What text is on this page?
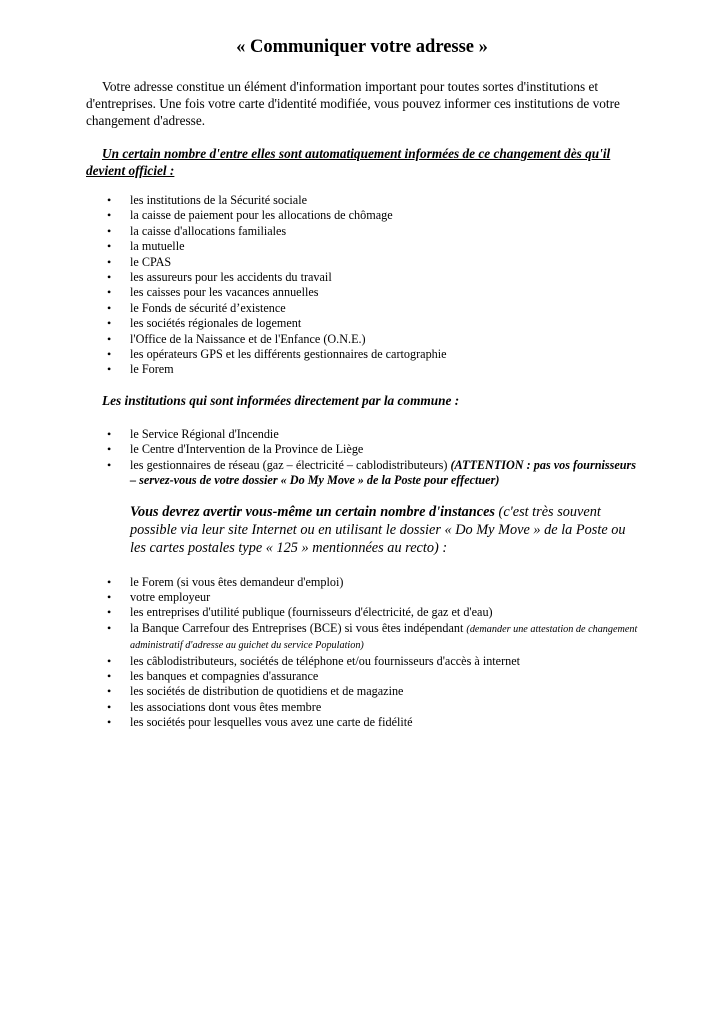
« Communiquer votre adresse »

Votre adresse constitue un élément d'information important pour toutes sortes d'institutions et d'entreprises. Une fois votre carte d'identité modifiée, vous pouvez informer ces institutions de votre changement d'adresse.

Un certain nombre d'entre elles sont automatiquement informées de ce changement dès qu'il devient officiel :

• les institutions de la Sécurité sociale
• la caisse de paiement pour les allocations de chômage
• la caisse d'allocations familiales
• la mutuelle
• le CPAS
• les assureurs pour les accidents du travail
• les caisses pour les vacances annuelles
• le Fonds de sécurité d’existence
• les sociétés régionales de logement
• l'Office de la Naissance et de l'Enfance (O.N.E.)
• les opérateurs GPS et les différents gestionnaires de cartographie
• le Forem

Les institutions qui sont informées directement par la commune :

• le Service Régional d'Incendie
• le Centre d'Intervention de la Province de Liège
• les gestionnaires de réseau (gaz – électricité – cablodistributeurs) (ATTENTION : pas vos fournisseurs – servez-vous de votre dossier « Do My Move » de la Poste pour effectuer)

Vous devrez avertir vous-même un certain nombre d'instances (c'est très souvent possible via leur site Internet ou en utilisant le dossier « Do My Move » de la Poste ou les cartes postales type « 125 » mentionnées au recto) :

• le Forem (si vous êtes demandeur d'emploi)
• votre employeur
• les entreprises d'utilité publique (fournisseurs d'électricité, de gaz et d'eau)
• la Banque Carrefour des Entreprises (BCE) si vous êtes indépendant (demander une attestation de changement administratif d'adresse au guichet du service Population)
• les câblodistributeurs, sociétés de téléphone et/ou fournisseurs d'accès à internet
• les banques et compagnies d'assurance
• les sociétés de distribution de quotidiens et de magazine
• les associations dont vous êtes membre
• les sociétés pour lesquelles vous avez une carte de fidélité
